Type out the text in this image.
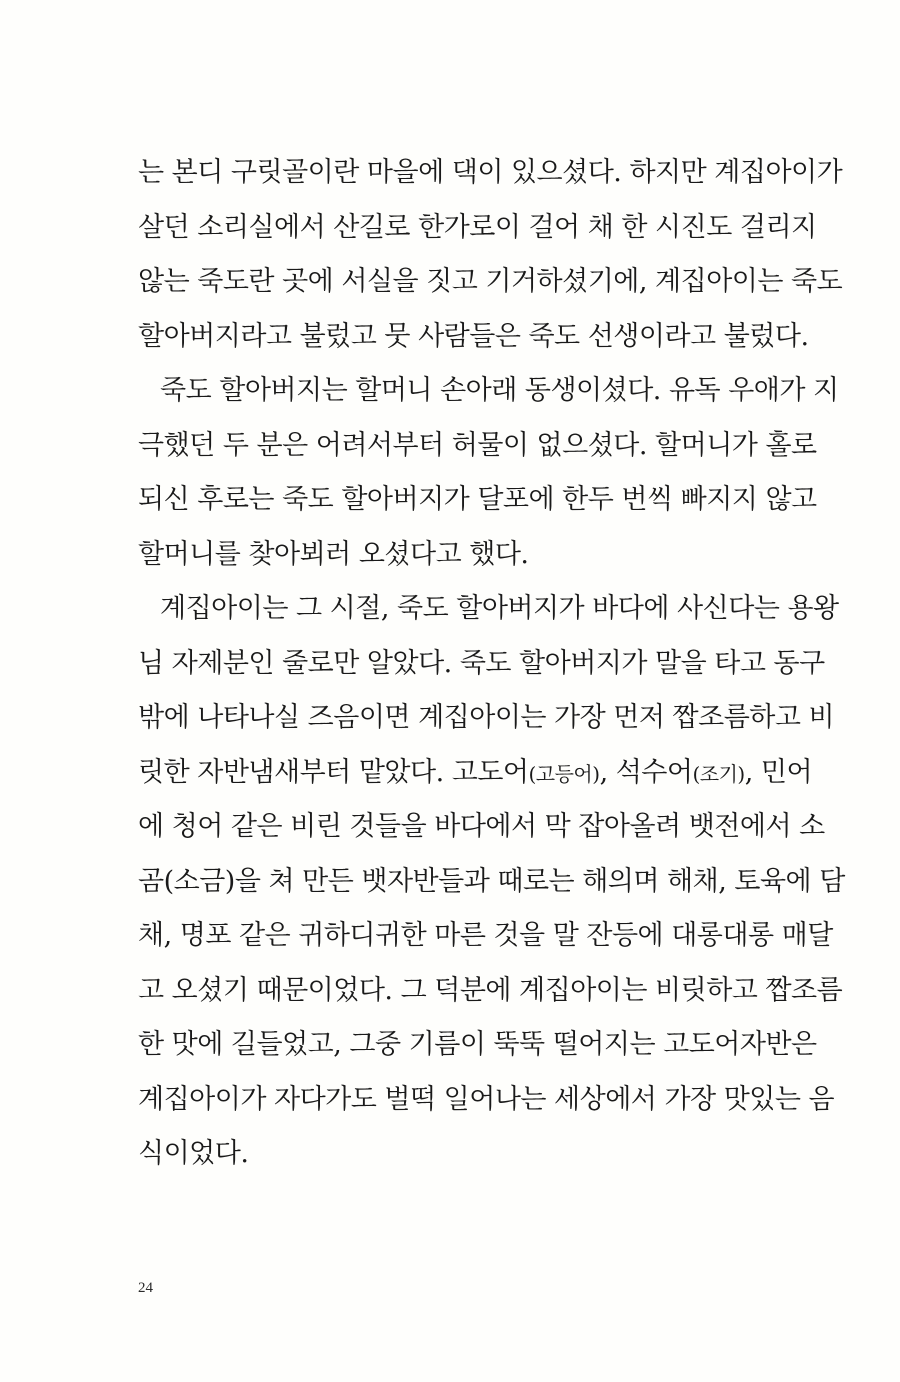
는 본디 구릿골이란 마을에 댁이 있으셨다. 하지만 계집아이가
살던 소리실에서 산길로 한가로이 걸어 채 한 시진도 걸리지
않는 죽도란 곳에 서실을 짓고 기거하셨기에, 계집아이는 죽도
할아버지라고 불렀고 뭇 사람들은 죽도 선생이라고 불렀다.
죽도 할아버지는 할머니 손아래 동생이셨다. 유독 우애가 지
극했던 두 분은 어려서부터 허물이 없으셨다. 할머니가 홀로
되신 후로는 죽도 할아버지가 달포에 한두 번씩 빠지지 않고
할머니를 찾아뵈러 오셨다고 했다.
계집아이는 그 시절, 죽도 할아버지가 바다에 사신다는 용왕
님 자제분인 줄로만 알았다. 죽도 할아버지가 말을 타고 동구
밖에 나타나실 즈음이면 계집아이는 가장 먼저 짭조름하고 비
릿한 자반냄새부터 맡았다. 고도어(고등어), 석수어(조기), 민어
에 청어 같은 비린 것들을 바다에서 막 잡아올려 뱃전에서 소
곰(소금)을 쳐 만든 뱃자반들과 때로는 해의며 해채, 토육에 담
채, 명포 같은 귀하디귀한 마른 것을 말 잔등에 대롱대롱 매달
고 오셨기 때문이었다. 그 덕분에 계집아이는 비릿하고 짭조름
한 맛에 길들었고, 그중 기름이 뚝뚝 떨어지는 고도어자반은
계집아이가 자다가도 벌떡 일어나는 세상에서 가장 맛있는 음
식이었다.
24
